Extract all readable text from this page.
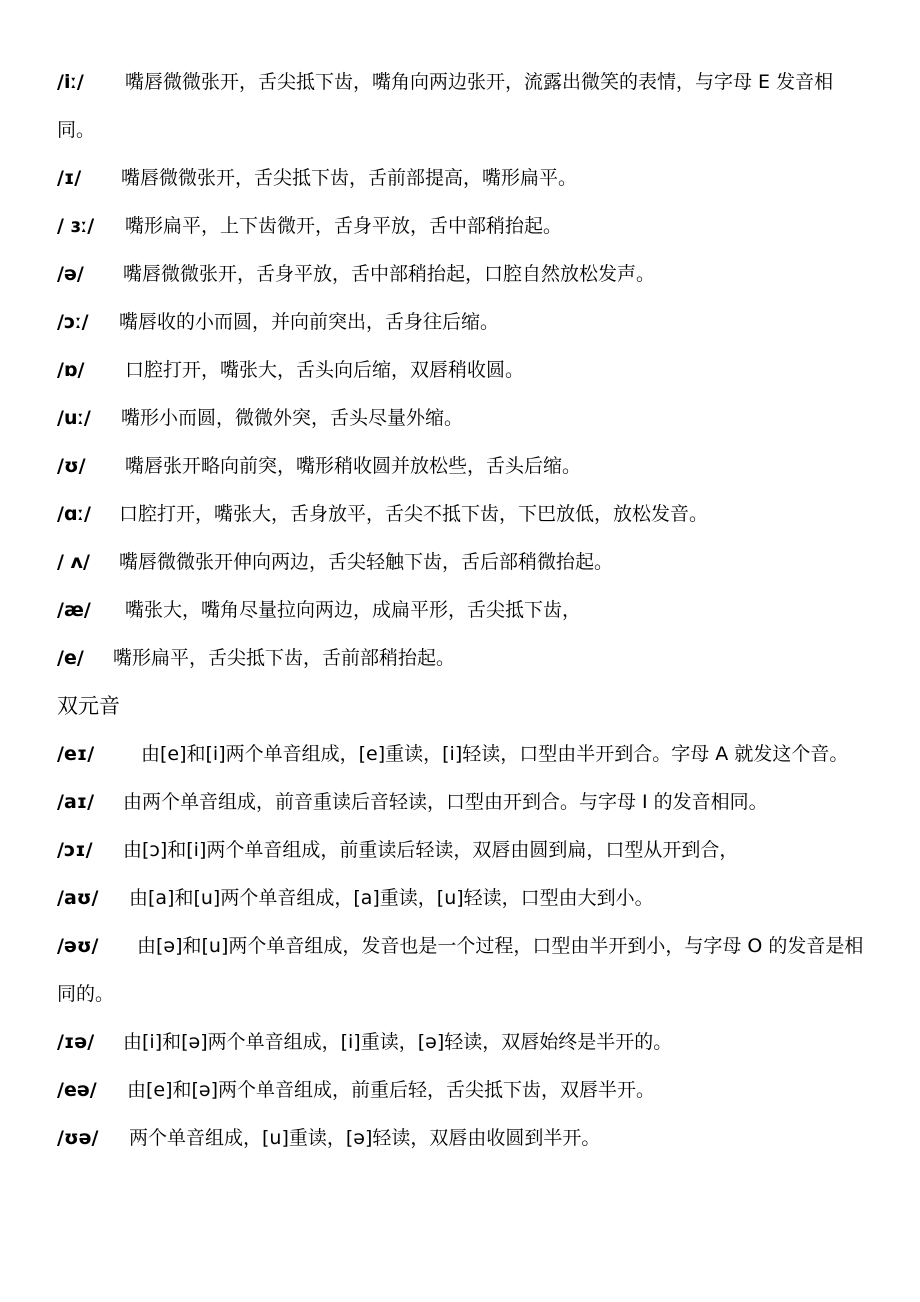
/iː/ 嘴唇微微张开，舌尖抵下齿，嘴角向两边张开，流露出微笑的表情，与字母 E 发音相同。
/ɪ/ 嘴唇微微张开，舌尖抵下齿，舌前部提高，嘴形扁平。
/ ɜː/ 嘴形扁平，上下齿微开，舌身平放，舌中部稍抬起。
/ə/ 嘴唇微微张开，舌身平放，舌中部稍抬起，口腔自然放松发声。
/ɔː/ 嘴唇收的小而圆，并向前突出，舌身往后缩。
/ɒ/ 口腔打开，嘴张大，舌头向后缩，双唇稍收圆。
/uː/ 嘴形小而圆，微微外突，舌头尽量外缩。
/ʊ/ 嘴唇张开略向前突，嘴形稍收圆并放松些，舌头后缩。
/ɑː/ 口腔打开，嘴张大，舌身放平，舌尖不抵下齿，下巴放低，放松发音。
/ ʌ/ 嘴唇微微张开伸向两边，舌尖轻触下齿，舌后部稍微抬起。
/æ/ 嘴张大，嘴角尽量拉向两边，成扁平形，舌尖抵下齿，
/e/ 嘴形扁平，舌尖抵下齿，舌前部稍抬起。
双元音
/eɪ/ 由[e]和[i]两个单音组成，[e]重读，[i]轻读，口型由半开到合。字母 A 就发这个音。
/aɪ/ 由两个单音组成，前音重读后音轻读，口型由开到合。与字母 I 的发音相同。
/ɔɪ/ 由[ɔ]和[i]两个单音组成，前重读后轻读，双唇由圆到扁，口型从开到合，
/aʊ/ 由[a]和[u]两个单音组成，[a]重读，[u]轻读，口型由大到小。
/əʊ/ 由[ə]和[u]两个单音组成，发音也是一个过程，口型由半开到小，与字母 O 的发音是相同的。
/ɪə/ 由[i]和[ə]两个单音组成，[i]重读，[ə]轻读，双唇始终是半开的。
/eə/ 由[e]和[ə]两个单音组成，前重后轻，舌尖抵下齿，双唇半开。
/ʊə/ 两个单音组成，[u]重读，[ə]轻读，双唇由收圆到半开。
